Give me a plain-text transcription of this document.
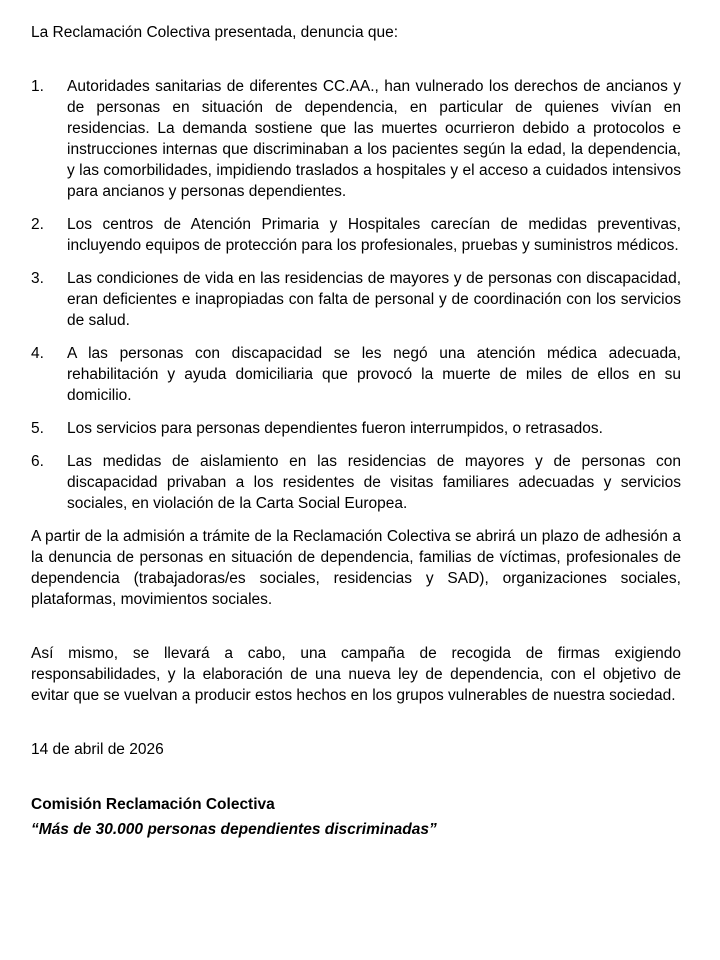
La Reclamación Colectiva presentada, denuncia que:

1.	Autoridades sanitarias de diferentes CC.AA., han vulnerado los derechos de ancianos y de personas en situación de dependencia, en particular de quienes vivían en residencias. La demanda sostiene que las muertes ocurrieron debido a protocolos e instrucciones internas que discriminaban a los pacientes según la edad, la dependencia, y las comorbilidades, impidiendo traslados a hospitales y el acceso a cuidados intensivos para ancianos y personas dependientes.
2.	Los centros de Atención Primaria y Hospitales carecían de medidas preventivas, incluyendo equipos de protección para los profesionales, pruebas y suministros médicos.
3.	Las condiciones de vida en las residencias de mayores y de personas con discapacidad, eran deficientes e inapropiadas con falta de personal y de coordinación con los servicios de salud.
4.	A las personas con discapacidad se les negó una atención médica adecuada, rehabilitación y ayuda domiciliaria que provocó la muerte de miles de ellos en su domicilio.
5.	Los servicios para personas dependientes fueron interrumpidos, o retrasados.
6.	Las medidas de aislamiento en las residencias de mayores y de personas con discapacidad privaban a los residentes de visitas familiares adecuadas y servicios sociales, en violación de la Carta Social Europea.

A partir de la admisión a trámite de la Reclamación Colectiva se abrirá un plazo de adhesión a la denuncia de personas en situación de dependencia, familias de víctimas, profesionales de dependencia (trabajadoras/es sociales, residencias y SAD), organizaciones sociales, plataformas, movimientos sociales.

Así mismo, se llevará a cabo, una campaña de recogida de firmas exigiendo responsabilidades, y la elaboración de una nueva ley de dependencia, con el objetivo de evitar que se vuelvan a producir estos hechos en los grupos vulnerables de nuestra sociedad.

14 de abril de 2026

Comisión Reclamación Colectiva
“Más de 30.000 personas dependientes discriminadas”
